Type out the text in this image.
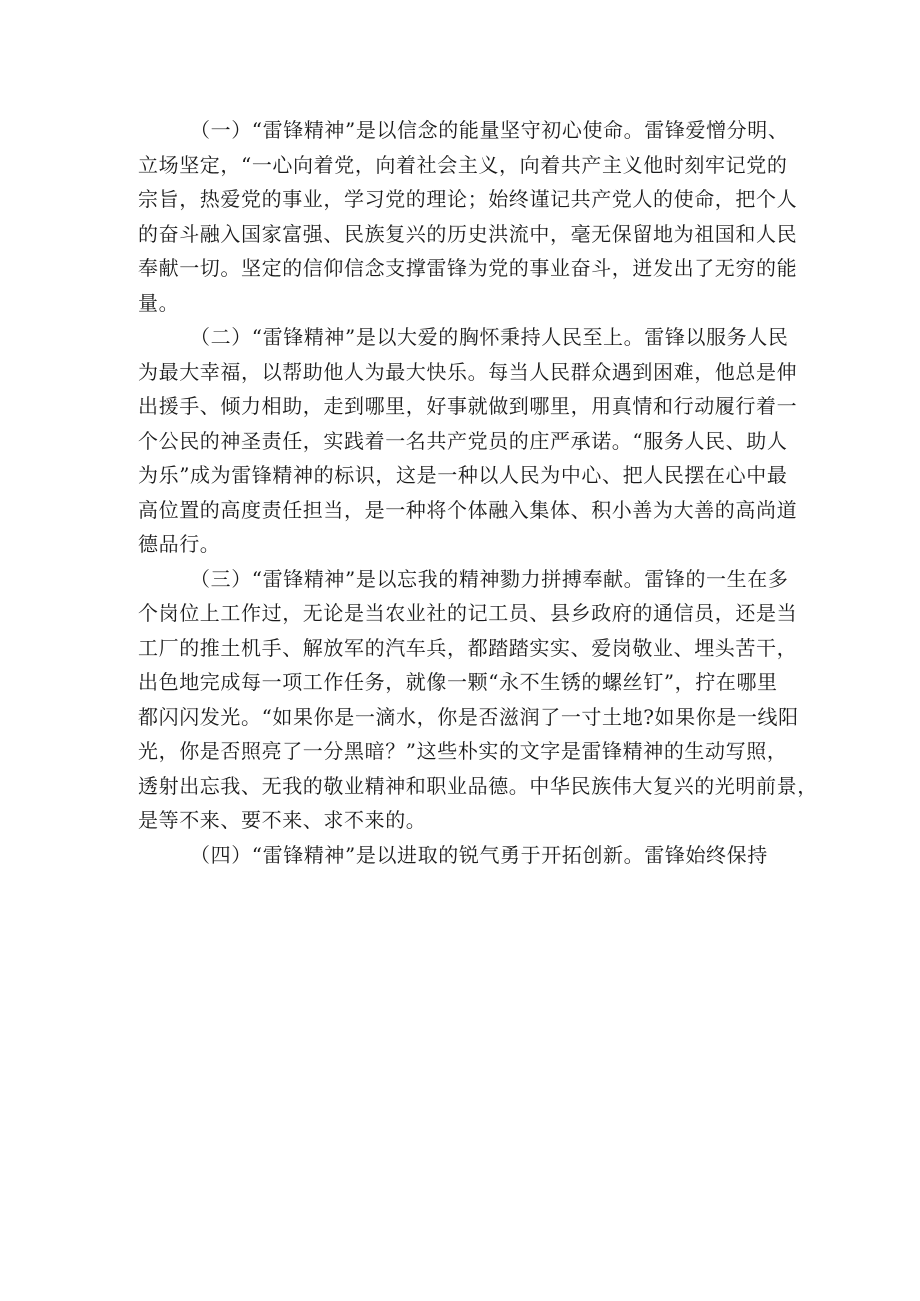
（一）“雷锋精神”是以信念的能量坚守初心使命。雷锋爱憎分明、
立场坚定，“一心向着党，向着社会主义，向着共产主义他时刻牢记党的
宗旨，热爱党的事业，学习党的理论；始终谨记共产党人的使命，把个人
的奋斗融入国家富强、民族复兴的历史洪流中，毫无保留地为祖国和人民
奉献一切。坚定的信仰信念支撑雷锋为党的事业奋斗，迸发出了无穷的能
量。
（二）“雷锋精神”是以大爱的胸怀秉持人民至上。雷锋以服务人民
为最大幸福，以帮助他人为最大快乐。每当人民群众遇到困难，他总是伸
出援手、倾力相助，走到哪里，好事就做到哪里，用真情和行动履行着一
个公民的神圣责任，实践着一名共产党员的庄严承诺。“服务人民、助人
为乐”成为雷锋精神的标识，这是一种以人民为中心、把人民摆在心中最
高位置的高度责任担当，是一种将个体融入集体、积小善为大善的高尚道
德品行。
（三）“雷锋精神”是以忘我的精神勠力拼搏奉献。雷锋的一生在多
个岗位上工作过，无论是当农业社的记工员、县乡政府的通信员，还是当
工厂的推土机手、解放军的汽车兵，都踏踏实实、爱岗敬业、埋头苦干，
出色地完成每一项工作任务，就像一颗“永不生锈的螺丝钉”，拧在哪里
都闪闪发光。“如果你是一滴水，你是否滋润了一寸土地?如果你是一线阳
光，你是否照亮了一分黑暗？”这些朴实的文字是雷锋精神的生动写照，
透射出忘我、无我的敬业精神和职业品德。中华民族伟大复兴的光明前景，
是等不来、要不来、求不来的。
（四）“雷锋精神”是以进取的锐气勇于开拓创新。雷锋始终保持
